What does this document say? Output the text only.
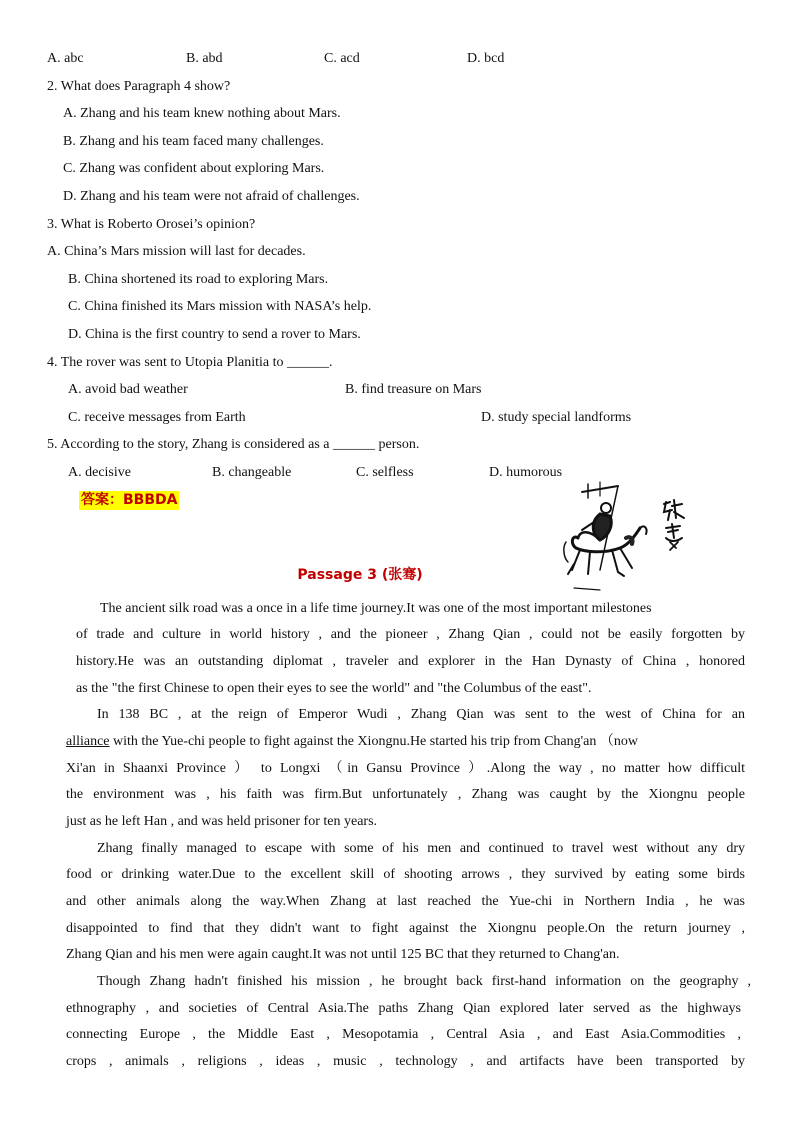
A. abc	B. abd	C. acd	D. bcd
2. What does Paragraph 4 show?
A. Zhang and his team knew nothing about Mars.
B. Zhang and his team faced many challenges.
C. Zhang was confident about exploring Mars.
D. Zhang and his team were not afraid of challenges.
3. What is Roberto Orosei’s opinion?
A. China’s Mars mission will last for decades.
B. China shortened its road to exploring Mars.
C. China finished its Mars mission with NASA’s help.
D. China is the first country to send a rover to Mars.
4. The rover was sent to Utopia Planitia to ______.
A. avoid bad weather	B. find treasure on Mars
C. receive messages from Earth	D. study special landforms
5. According to the story, Zhang is considered as a ______ person.
A. decisive	B. changeable	C. selfless	D. humorous
答案：BBBDA
Passage 3 (张骞)
The ancient silk road was a once in a life time journey.It was one of the most important milestones
of trade and culture in world history , and the pioneer , Zhang Qian , could not be easily forgotten by
history.He was an outstanding diplomat , traveler and explorer in the Han Dynasty of China , honored
as the "the first Chinese to open their eyes to see the world" and "the Columbus of the east".
In 138 BC , at the reign of Emperor Wudi , Zhang Qian was sent to the west of China for an
alliance with the Yue-chi people to fight against the Xiongnu.He started his trip from Chang'an （now
Xi'an in Shaanxi Province ） to Longxi （in Gansu Province ）.Along the way , no matter how difficult
the environment was , his faith was firm.But unfortunately , Zhang was caught by the Xiongnu people
just as he left Han , and was held prisoner for ten years.
Zhang finally managed to escape with some of his men and continued to travel west without any dry
food or drinking water.Due to the excellent skill of shooting arrows , they survived by eating some birds
and other animals along the way.When Zhang at last reached the Yue-chi in Northern India , he was
disappointed to find that they didn't want to fight against the Xiongnu people.On the return journey ,
Zhang Qian and his men were again caught.It was not until 125 BC that they returned to Chang'an.
Though Zhang hadn't finished his mission , he brought back first-hand information on the geography ,
ethnography , and societies of Central Asia.The paths Zhang Qian explored later served as the highways
connecting Europe , the Middle East , Mesopotamia , Central Asia , and East Asia.Commodities ,
crops , animals , religions , ideas , music , technology , and artifacts have been transported by
